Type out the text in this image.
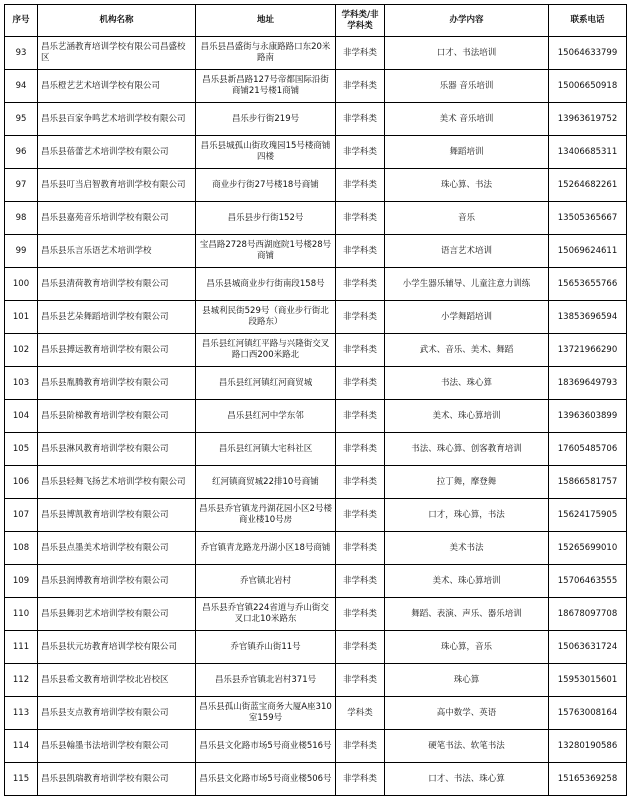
序号	机构名称	地址	学科类/非学科类	办学内容	联系电话
93	昌乐艺涵教育培训学校有限公司昌盛校区	昌乐县昌盛街与永康路路口东20米路南	非学科类	口才、书法培训	15064633799
94	昌乐橙艺艺术培训学校有限公司	昌乐县新昌路127号帝都国际沿街商铺21号楼1商铺	非学科类	乐器 音乐培训	15006650918
95	昌乐县百家争鸣艺术培训学校有限公司	昌乐步行街219号	非学科类	美术 音乐培训	13963619752
96	昌乐县蓓蕾艺术培训学校有限公司	昌乐县城孤山街玫瑰园15号楼商铺四楼	非学科类	舞蹈培训	13406685311
97	昌乐县叮当启智教育培训学校有限公司	商业步行街27号楼18号商铺	非学科类	珠心算、书法	15264682261
98	昌乐县嘉苑音乐培训学校有限公司	昌乐县步行街152号	非学科类	音乐	13505365667
99	昌乐县乐言乐语艺术培训学校	宝昌路2728号西湖庭院1号楼28号商铺	非学科类	语言艺术培训	15069624611
100	昌乐县清荷教育培训学校有限公司	昌乐县城商业步行街南段158号	非学科类	小学生器乐辅导、儿童注意力训练	15653655766
101	昌乐县艺朵舞蹈培训学校有限公司	县城利民街529号（商业步行街北段路东）	非学科类	小学舞蹈培训	13853696594
102	昌乐县搏远教育培训学校有限公司	昌乐县红河镇红平路与兴隆街交叉路口西200米路北	非学科类	武术、音乐、美术、舞蹈	13721966290
103	昌乐县胤腾教育培训学校有限公司	昌乐县红河镇红河商贸城	非学科类	书法、珠心算	18369649793
104	昌乐县阶梯教育培训学校有限公司	昌乐县红河中学东邻	非学科类	美术、珠心算培训	13963603899
105	昌乐县淋风教育培训学校有限公司	昌乐县红河镇大宅科社区	非学科类	书法、珠心算、创客教育培训	17605485706
106	昌乐县轻舞飞扬艺术培训学校有限公司	红河镇商贸城22排10号商铺	非学科类	拉丁舞，摩登舞	15866581757
107	昌乐县博凯教育培训学校有限公司	昌乐县乔官镇龙丹湖花园小区2号楼商业楼10号房	非学科类	口才，珠心算，书法	15624175905
108	昌乐县点墨美术培训学校有限公司	乔官镇青龙路龙丹湖小区18号商铺	非学科类	美术书法	15265699010
109	昌乐县润博教育培训学校有限公司	乔官镇北岩村	非学科类	美术、珠心算培训	15706463555
110	昌乐县舞羽艺术培训学校有限公司	昌乐县乔官镇224省道与乔山街交叉口北10米路东	非学科类	舞蹈、表演、声乐、器乐培训	18678097708
111	昌乐县状元坊教育培训学校有限公司	乔官镇乔山街11号	非学科类	珠心算，音乐	15063631724
112	昌乐县希文教育培训学校北岩校区	昌乐县乔官镇北岩村371号	非学科类	珠心算	15953015601
113	昌乐县支点教育培训学校有限公司	昌乐县孤山街蓝宝商务大厦A座310室159号	学科类	高中数学、英语	15763008164
114	昌乐县翰墨书法培训学校有限公司	昌乐县文化路市场5号商业楼516号	非学科类	硬笔书法、软笔书法	13280190586
115	昌乐县凯瑞教育培训学校有限公司	昌乐县文化路市场5号商业楼506号	非学科类	口才、书法、珠心算	15165369258
